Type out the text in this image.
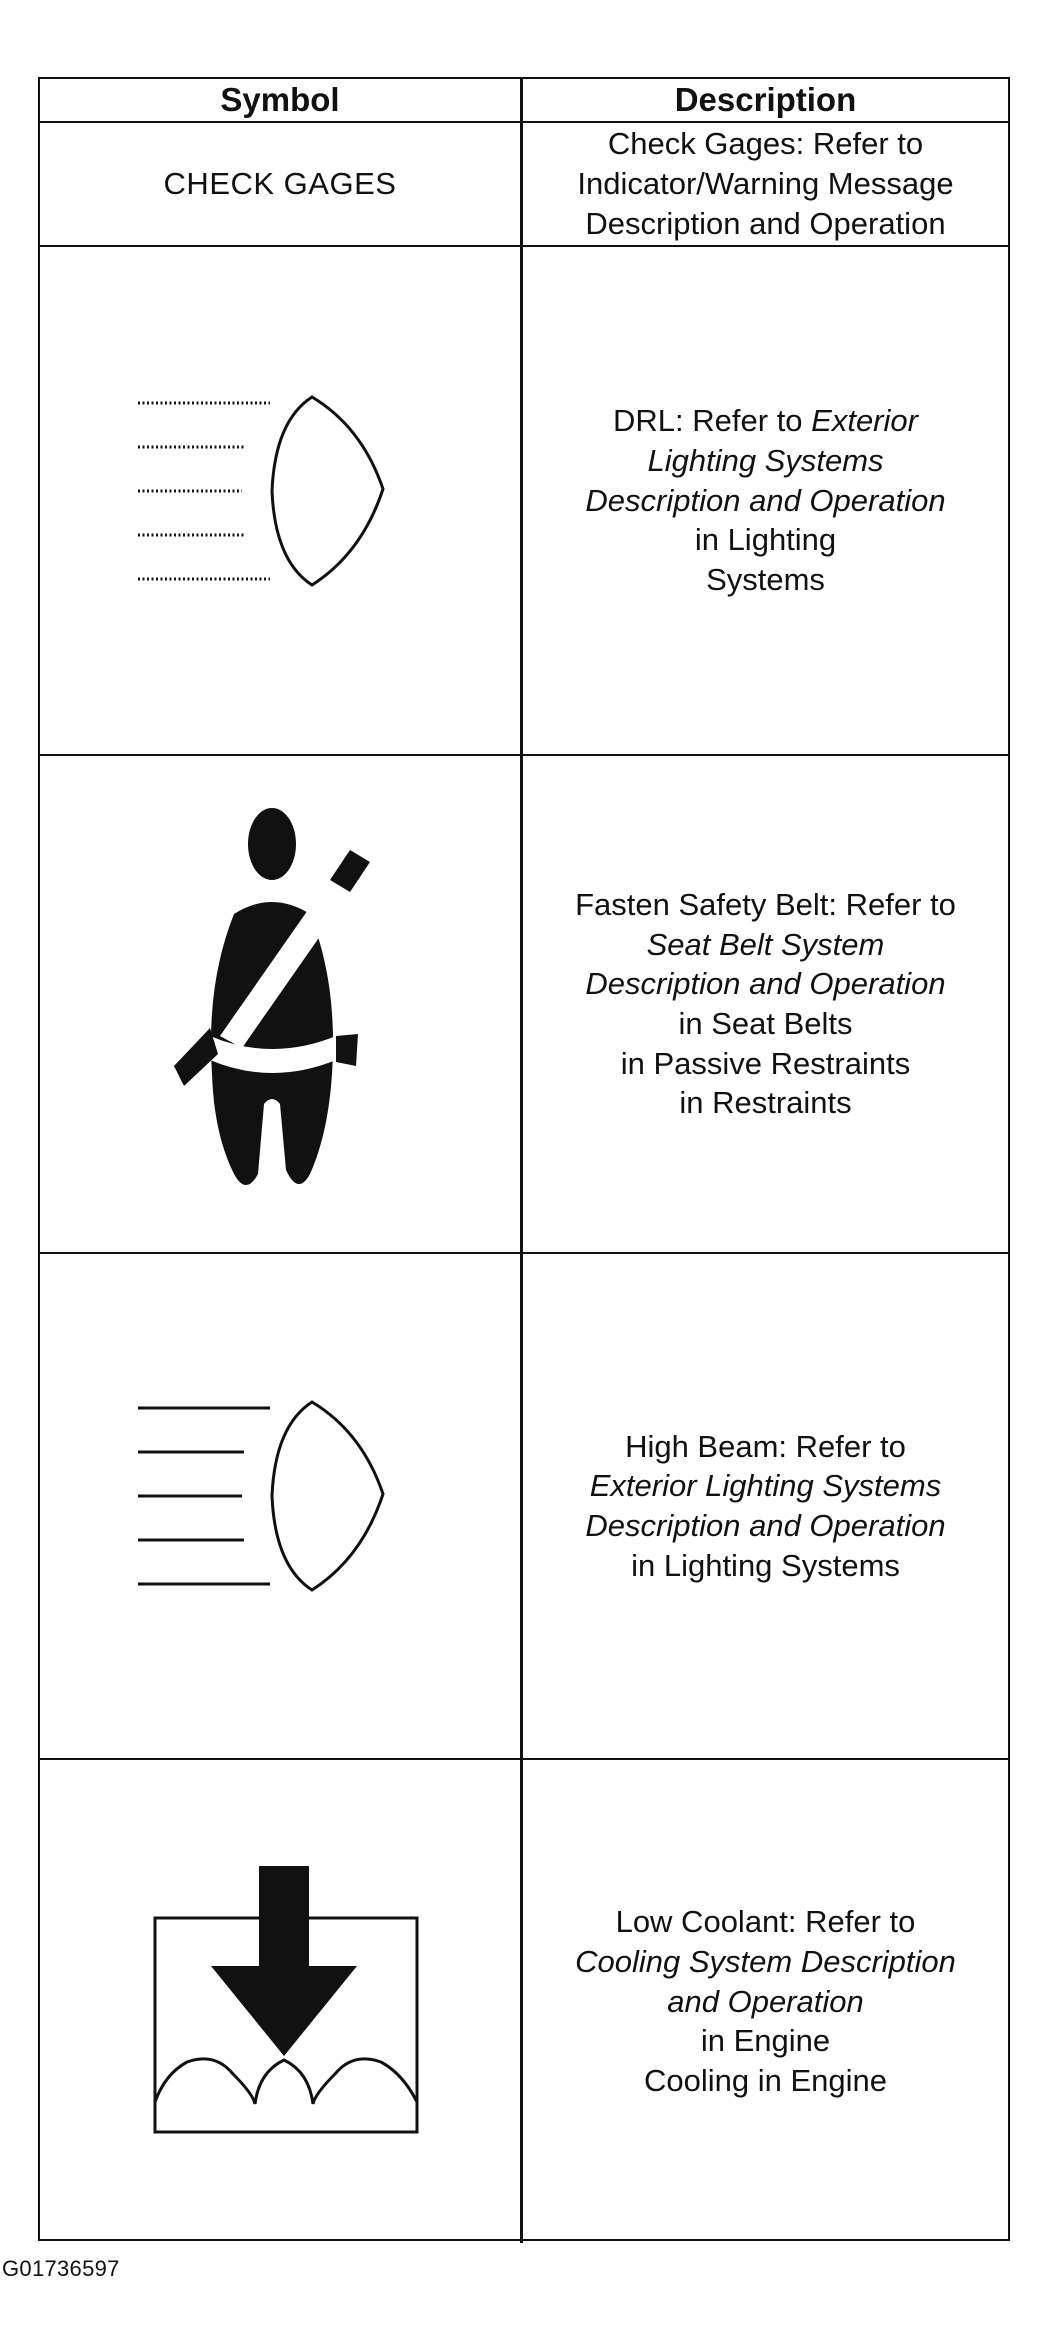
Symbol	Description
CHECK GAGES
Check Gages: Refer to
Indicator/Warning Message
Description and Operation
DRL: Refer to Exterior
Lighting Systems
Description and Operation
in Lighting
Systems
Fasten Safety Belt: Refer to
Seat Belt System
Description and Operation
in Seat Belts
in Passive Restraints
in Restraints
High Beam: Refer to
Exterior Lighting Systems
Description and Operation
in Lighting Systems
Low Coolant: Refer to
Cooling System Description
and Operation
in Engine
Cooling in Engine
G01736597
